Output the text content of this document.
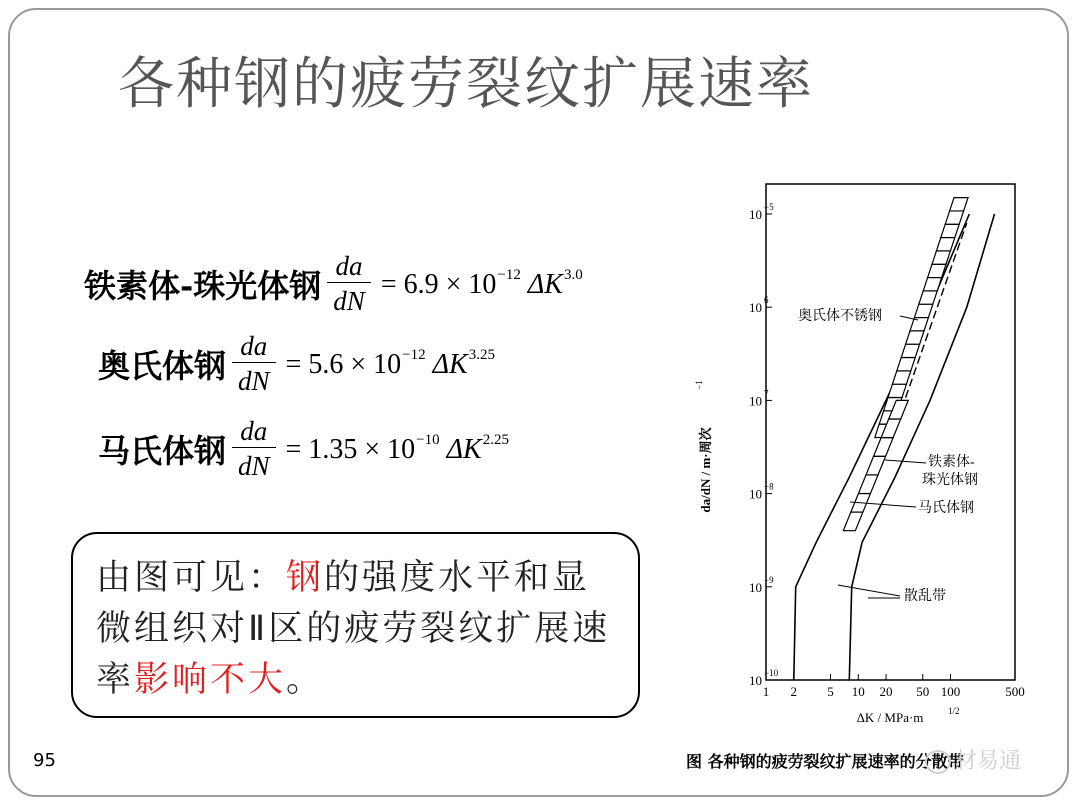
各种钢的疲劳裂纹扩展速率
铁素体-珠光体钢 $\frac{da}{dN} = 6.9 \times 10^{-12}$ $\Delta K^{3.0}$
奥氏体钢 $\frac{da}{dN} = 5.6 \times 10^{-12}$ $\Delta K^{3.25}$
马氏体钢 $\frac{da}{dN} = 1.35 \times 10^{-10}$ $\Delta K^{2.25}$
由图可见：钢的强度水平和显微组织对Ⅱ区的疲劳裂纹扩展速率影响不大。
10 −5
10 6
10 7
10 −8
10 −9
10 −10
da/dN / m·周次
−1
1 2 5 10 20 50 100	500
ΔK / MPa·m	1/2
奥氏体不锈钢
铁素体-
珠光体钢
马氏体钢
散乱带
95	图 各种钢的疲劳裂纹扩展速率的分散带
材易通
